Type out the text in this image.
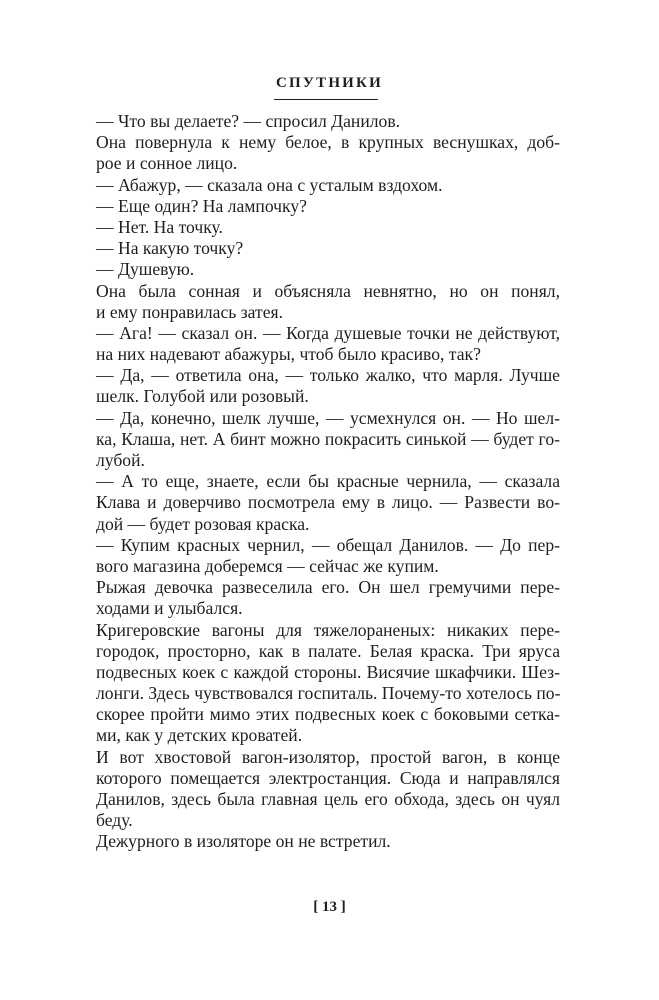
СПУТНИКИ
— Что вы делаете? — спросил Данилов.
Она повернула к нему белое, в крупных веснушках, доб-
рое и сонное лицо.
— Абажур, — сказала она с усталым вздохом.
— Еще один? На лампочку?
— Нет. На точку.
— На какую точку?
— Душевую.
Она была сонная и объясняла невнятно, но он понял,
и ему понравилась затея.
— Ага! — сказал он. — Когда душевые точки не действуют,
на них надевают абажуры, чтоб было красиво, так?
— Да, — ответила она, — только жалко, что марля. Лучше
шелк. Голубой или розовый.
— Да, конечно, шелк лучше, — усмехнулся он. — Но шел-
ка, Клаша, нет. А бинт можно покрасить синькой — будет го-
лубой.
— А то еще, знаете, если бы красные чернила, — сказала
Клава и доверчиво посмотрела ему в лицо. — Развести во-
дой — будет розовая краска.
— Купим красных чернил, — обещал Данилов. — До пер-
вого магазина доберемся — сейчас же купим.
Рыжая девочка развеселила его. Он шел гремучими пере-
ходами и улыбался.
Кригеровские вагоны для тяжелораненых: никаких пере-
городок, просторно, как в палате. Белая краска. Три яруса
подвесных коек с каждой стороны. Висячие шкафчики. Шез-
лонги. Здесь чувствовался госпиталь. Почему-то хотелось по-
скорее пройти мимо этих подвесных коек с боковыми сетка-
ми, как у детских кроватей.
И вот хвостовой вагон-изолятор, простой вагон, в конце
которого помещается электростанция. Сюда и направлялся
Данилов, здесь была главная цель его обхода, здесь он чуял
беду.
Дежурного в изоляторе он не встретил.
[ 13 ]
